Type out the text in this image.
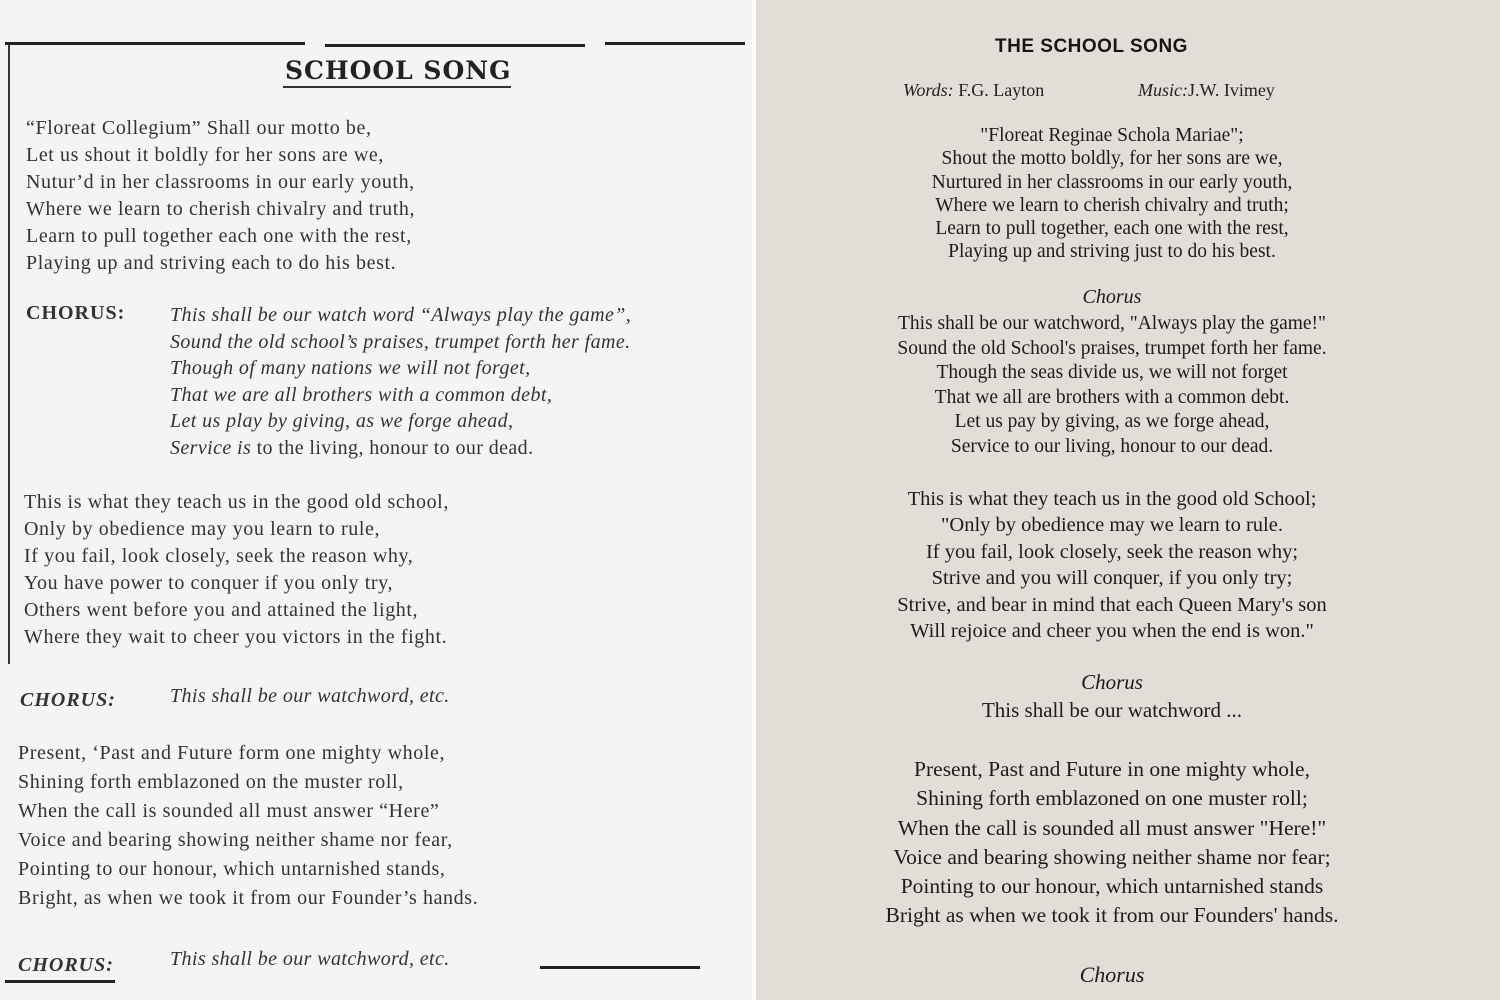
SCHOOL SONG
“Floreat Collegium” Shall our motto be,
Let us shout it boldly for her sons are we,
Nutur’d in her classrooms in our early youth,
Where we learn to cherish chivalry and truth,
Learn to pull together each one with the rest,
Playing up and striving each to do his best.
CHORUS: This shall be our watch word “Always play the game”,
Sound the old school’s praises, trumpet forth her fame.
Though of many nations we will not forget,
That we are all brothers with a common debt,
Let us play by giving, as we forge ahead,
Service is to the living, honour to our dead.
This is what they teach us in the good old school,
Only by obedience may you learn to rule,
If you fail, look closely, seek the reason why,
You have power to conquer if you only try,
Others went before you and attained the light,
Where they wait to cheer you victors in the fight.
CHORUS:	This shall be our watchword, etc.
Present, ‘Past and Future form one mighty whole,
Shining forth emblazoned on the muster roll,
When the call is sounded all must answer “Here”
Voice and bearing showing neither shame nor fear,
Pointing to our honour, which untarnished stands,
Bright, as when we took it from our Founder’s hands.
CHORUS:	This shall be our watchword, etc.
THE SCHOOL SONG
Words: F.G. Layton	Music:J.W. Ivimey
"Floreat Reginae Schola Mariae";
Shout the motto boldly, for her sons are we,
Nurtured in her classrooms in our early youth,
Where we learn to cherish chivalry and truth;
Learn to pull together, each one with the rest,
Playing up and striving just to do his best.
Chorus
This shall be our watchword, "Always play the game!"
Sound the old School's praises, trumpet forth her fame.
Though the seas divide us, we will not forget
That we all are brothers with a common debt.
Let us pay by giving, as we forge ahead,
Service to our living, honour to our dead.
This is what they teach us in the good old School;
"Only by obedience may we learn to rule.
If you fail, look closely, seek the reason why;
Strive and you will conquer, if you only try;
Strive, and bear in mind that each Queen Mary's son
Will rejoice and cheer you when the end is won."
Chorus
This shall be our watchword ...
Present, Past and Future in one mighty whole,
Shining forth emblazoned on one muster roll;
When the call is sounded all must answer "Here!"
Voice and bearing showing neither shame nor fear;
Pointing to our honour, which untarnished stands
Bright as when we took it from our Founders' hands.
Chorus
